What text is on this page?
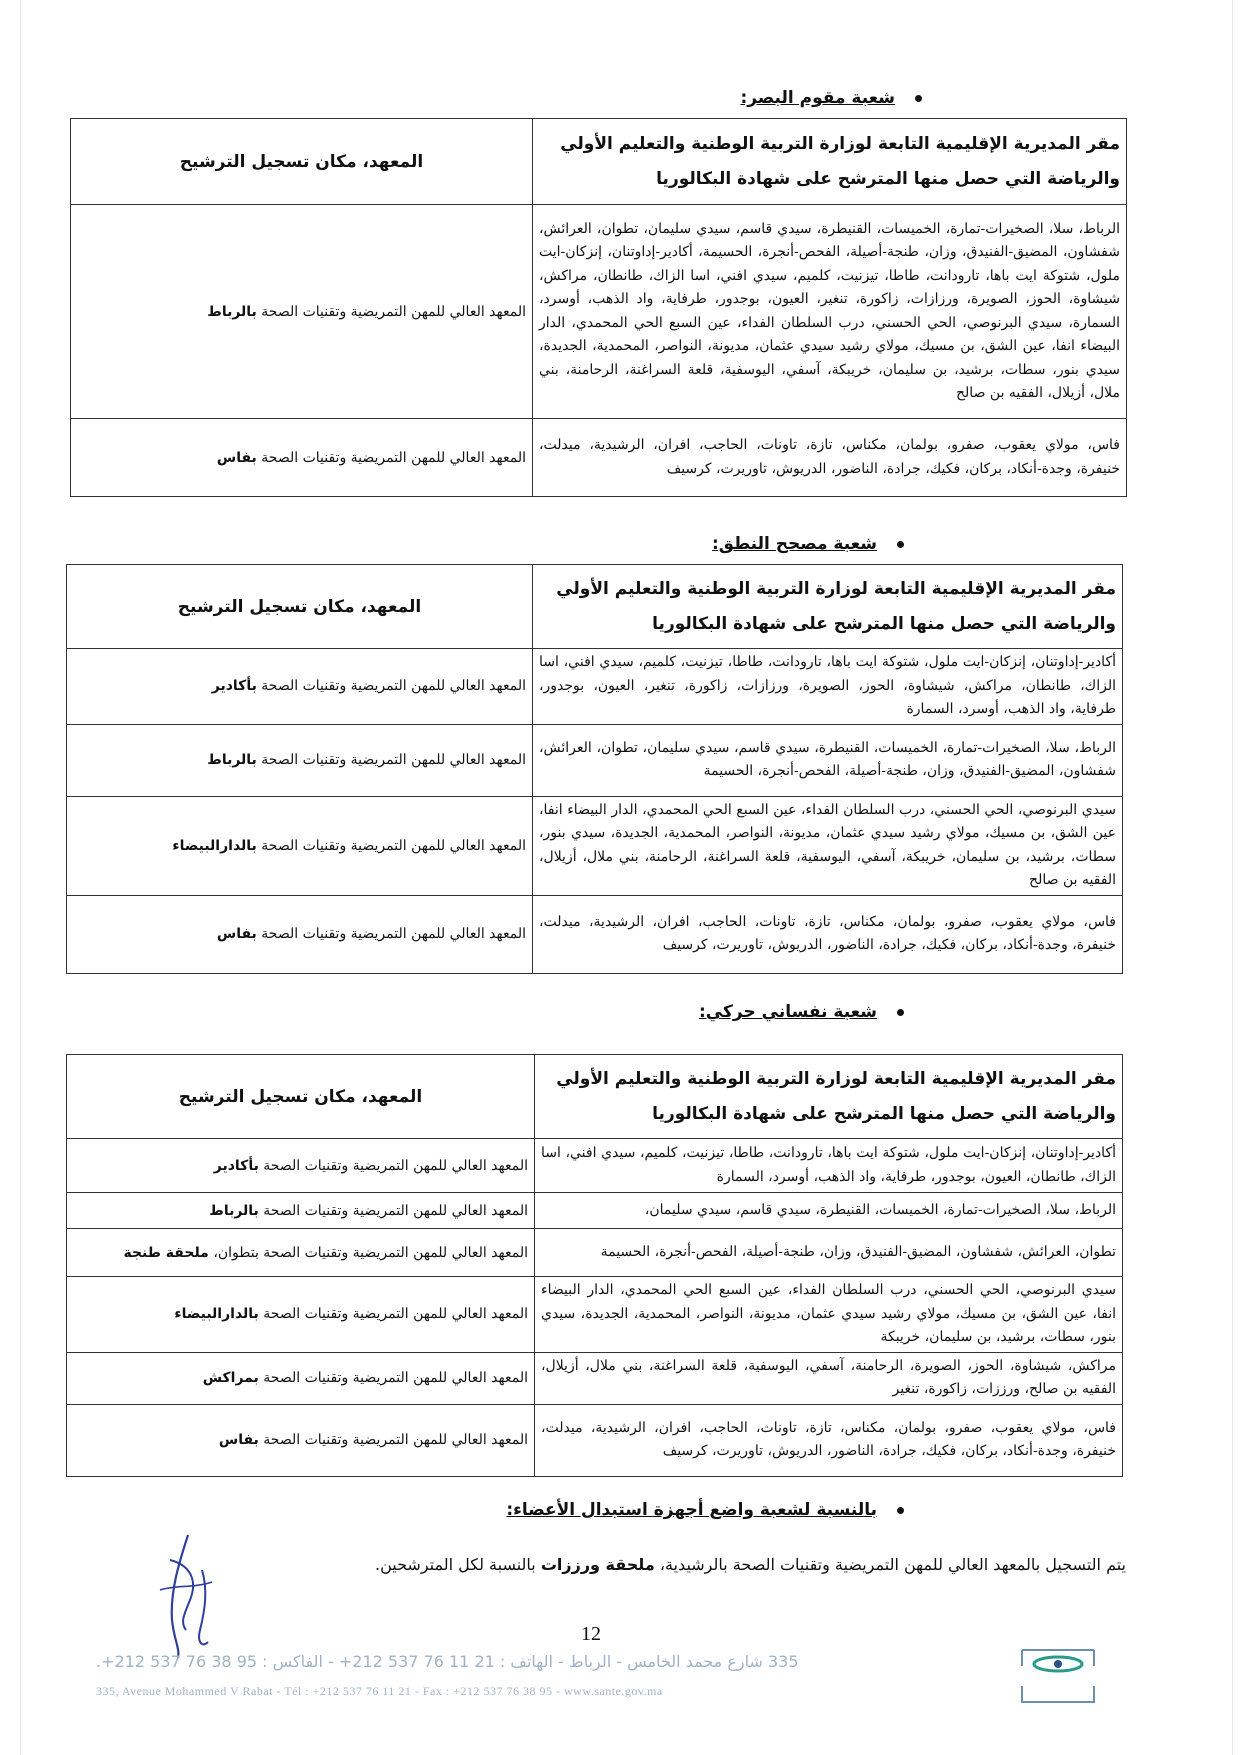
شعبة مقوم البصر:
مقر المديرية الإقليمية التابعة لوزارة التربية الوطنية والتعليم الأولي والرياضة التي حصل منها المترشح على شهادة البكالوريا	المعهد، مكان تسجيل الترشيح
الرباط، سلا، الصخيرات-تمارة، الخميسات، القنيطرة، سيدي قاسم، سيدي سليمان، تطوان، العرائش، شفشاون، المضيق-الفنيدق، وزان، طنجة-أصيلة، الفحص-أنجرة، الحسيمة، أكادير-إداوتنان، إنزكان-ايت ملول، شتوكة ايت باها، تارودانت، طاطا، تيزنيت، كلميم، سيدي افني، اسا الزاك، طانطان، مراكش، شيشاوة، الحوز، الصويرة، ورزازات، زاكورة، تنغير، العيون، بوجدور، طرفاية، واد الذهب، أوسرد، السمارة، سيدي البرنوصي، الحي الحسني، درب السلطان الفداء، عين السبع الحي المحمدي، الدار البيضاء انفا، عين الشق، بن مسيك، مولاي رشيد سيدي عثمان، مديونة، النواصر، المحمدية، الجديدة، سيدي بنور، سطات، برشيد، بن سليمان، خريبكة، آسفي، اليوسفية، قلعة السراغنة، الرحامنة، بني ملال، أزيلال، الفقيه بن صالح	المعهد العالي للمهن التمريضية وتقنيات الصحة بالرباط
فاس، مولاي يعقوب، صفرو، بولمان، مكناس، تازة، تاونات، الحاجب، افران، الرشيدية، ميدلت، خنيفرة، وجدة-أنكاد، بركان، فكيك، جرادة، الناضور، الدريوش، تاوريرت، كرسيف	المعهد العالي للمهن التمريضية وتقنيات الصحة بفاس
شعبة مصحح النطق:
مقر المديرية الإقليمية التابعة لوزارة التربية الوطنية والتعليم الأولي والرياضة التي حصل منها المترشح على شهادة البكالوريا	المعهد، مكان تسجيل الترشيح
أكادير-إداوتنان، إنزكان-ايت ملول، شتوكة ايت باها، تارودانت، طاطا، تيزنيت، كلميم، سيدي افني، اسا الزاك، طانطان، مراكش، شيشاوة، الحوز، الصويرة، ورزازات، زاكورة، تنغير، العيون، بوجدور، طرفاية، واد الذهب، أوسرد، السمارة	المعهد العالي للمهن التمريضية وتقنيات الصحة بأكادير
الرباط، سلا، الصخيرات-تمارة، الخميسات، القنيطرة، سيدي قاسم، سيدي سليمان، تطوان، العرائش، شفشاون، المضيق-الفنيدق، وزان، طنجة-أصيلة، الفحص-أنجرة، الحسيمة	المعهد العالي للمهن التمريضية وتقنيات الصحة بالرباط
سيدي البرنوصي، الحي الحسني، درب السلطان الفداء، عين السبع الحي المحمدي، الدار البيضاء انفا، عين الشق، بن مسيك، مولاي رشيد سيدي عثمان، مديونة، النواصر، المحمدية، الجديدة، سيدي بنور، سطات، برشيد، بن سليمان، خريبكة، آسفي، اليوسفية، قلعة السراغنة، الرحامنة، بني ملال، أزيلال، الفقيه بن صالح	المعهد العالي للمهن التمريضية وتقنيات الصحة بالدارالبيضاء
فاس، مولاي يعقوب، صفرو، بولمان، مكناس، تازة، تاونات، الحاجب، افران، الرشيدية، ميدلت، خنيفرة، وجدة-أنكاد، بركان، فكيك، جرادة، الناضور، الدريوش، تاوريرت، كرسيف	المعهد العالي للمهن التمريضية وتقنيات الصحة بفاس
شعبة نفساني حركي:
مقر المديرية الإقليمية التابعة لوزارة التربية الوطنية والتعليم الأولي والرياضة التي حصل منها المترشح على شهادة البكالوريا	المعهد، مكان تسجيل الترشيح
أكادير-إداوتنان، إنزكان-ايت ملول، شتوكة ايت باها، تارودانت، طاطا، تيزنيت، كلميم، سيدي افني، اسا الزاك، طانطان، العيون، بوجدور، طرفاية، واد الذهب، أوسرد، السمارة	المعهد العالي للمهن التمريضية وتقنيات الصحة بأكادير
الرباط، سلا، الصخيرات-تمارة، الخميسات، القنيطرة، سيدي قاسم، سيدي سليمان،	المعهد العالي للمهن التمريضية وتقنيات الصحة بالرباط
تطوان، العرائش، شفشاون، المضيق-الفنيدق، وزان، طنجة-أصيلة، الفحص-أنجرة، الحسيمة	المعهد العالي للمهن التمريضية وتقنيات الصحة بتطوان، ملحقة طنجة
سيدي البرنوصي، الحي الحسني، درب السلطان الفداء، عين السبع الحي المحمدي، الدار البيضاء انفا، عين الشق، بن مسيك، مولاي رشيد سيدي عثمان، مديونة، النواصر، المحمدية، الجديدة، سيدي بنور، سطات، برشيد، بن سليمان، خريبكة	المعهد العالي للمهن التمريضية وتقنيات الصحة بالدارالبيضاء
مراكش، شيشاوة، الحوز، الصويرة، الرحامنة، آسفي، اليوسفية، قلعة السراغنة، بني ملال، أزيلال، الفقيه بن صالح، ورززات، زاكورة، تنغير	المعهد العالي للمهن التمريضية وتقنيات الصحة بمراكش
فاس، مولاي يعقوب، صفرو، بولمان، مكناس، تازة، تاونات، الحاجب، افران، الرشيدية، ميدلت، خنيفرة، وجدة-أنكاد، بركان، فكيك، جرادة، الناضور، الدريوش، تاوريرت، كرسيف	المعهد العالي للمهن التمريضية وتقنيات الصحة بفاس
بالنسبة لشعبة واضع أجهزة استبدال الأعضاء:
يتم التسجيل بالمعهد العالي للمهن التمريضية وتقنيات الصحة بالرشيدية، ملحقة ورززات بالنسبة لكل المترشحين.
12
335 شارع محمد الخامس - الرباط - الهاتف : 21 11 76 537 212+ - الفاكس : 95 38 76 537 212+.
335, Avenue Mohammed V Rabat - Tél : +212 537 76 11 21 - Fax : +212 537 76 38 95 - www.sante.gov.ma
